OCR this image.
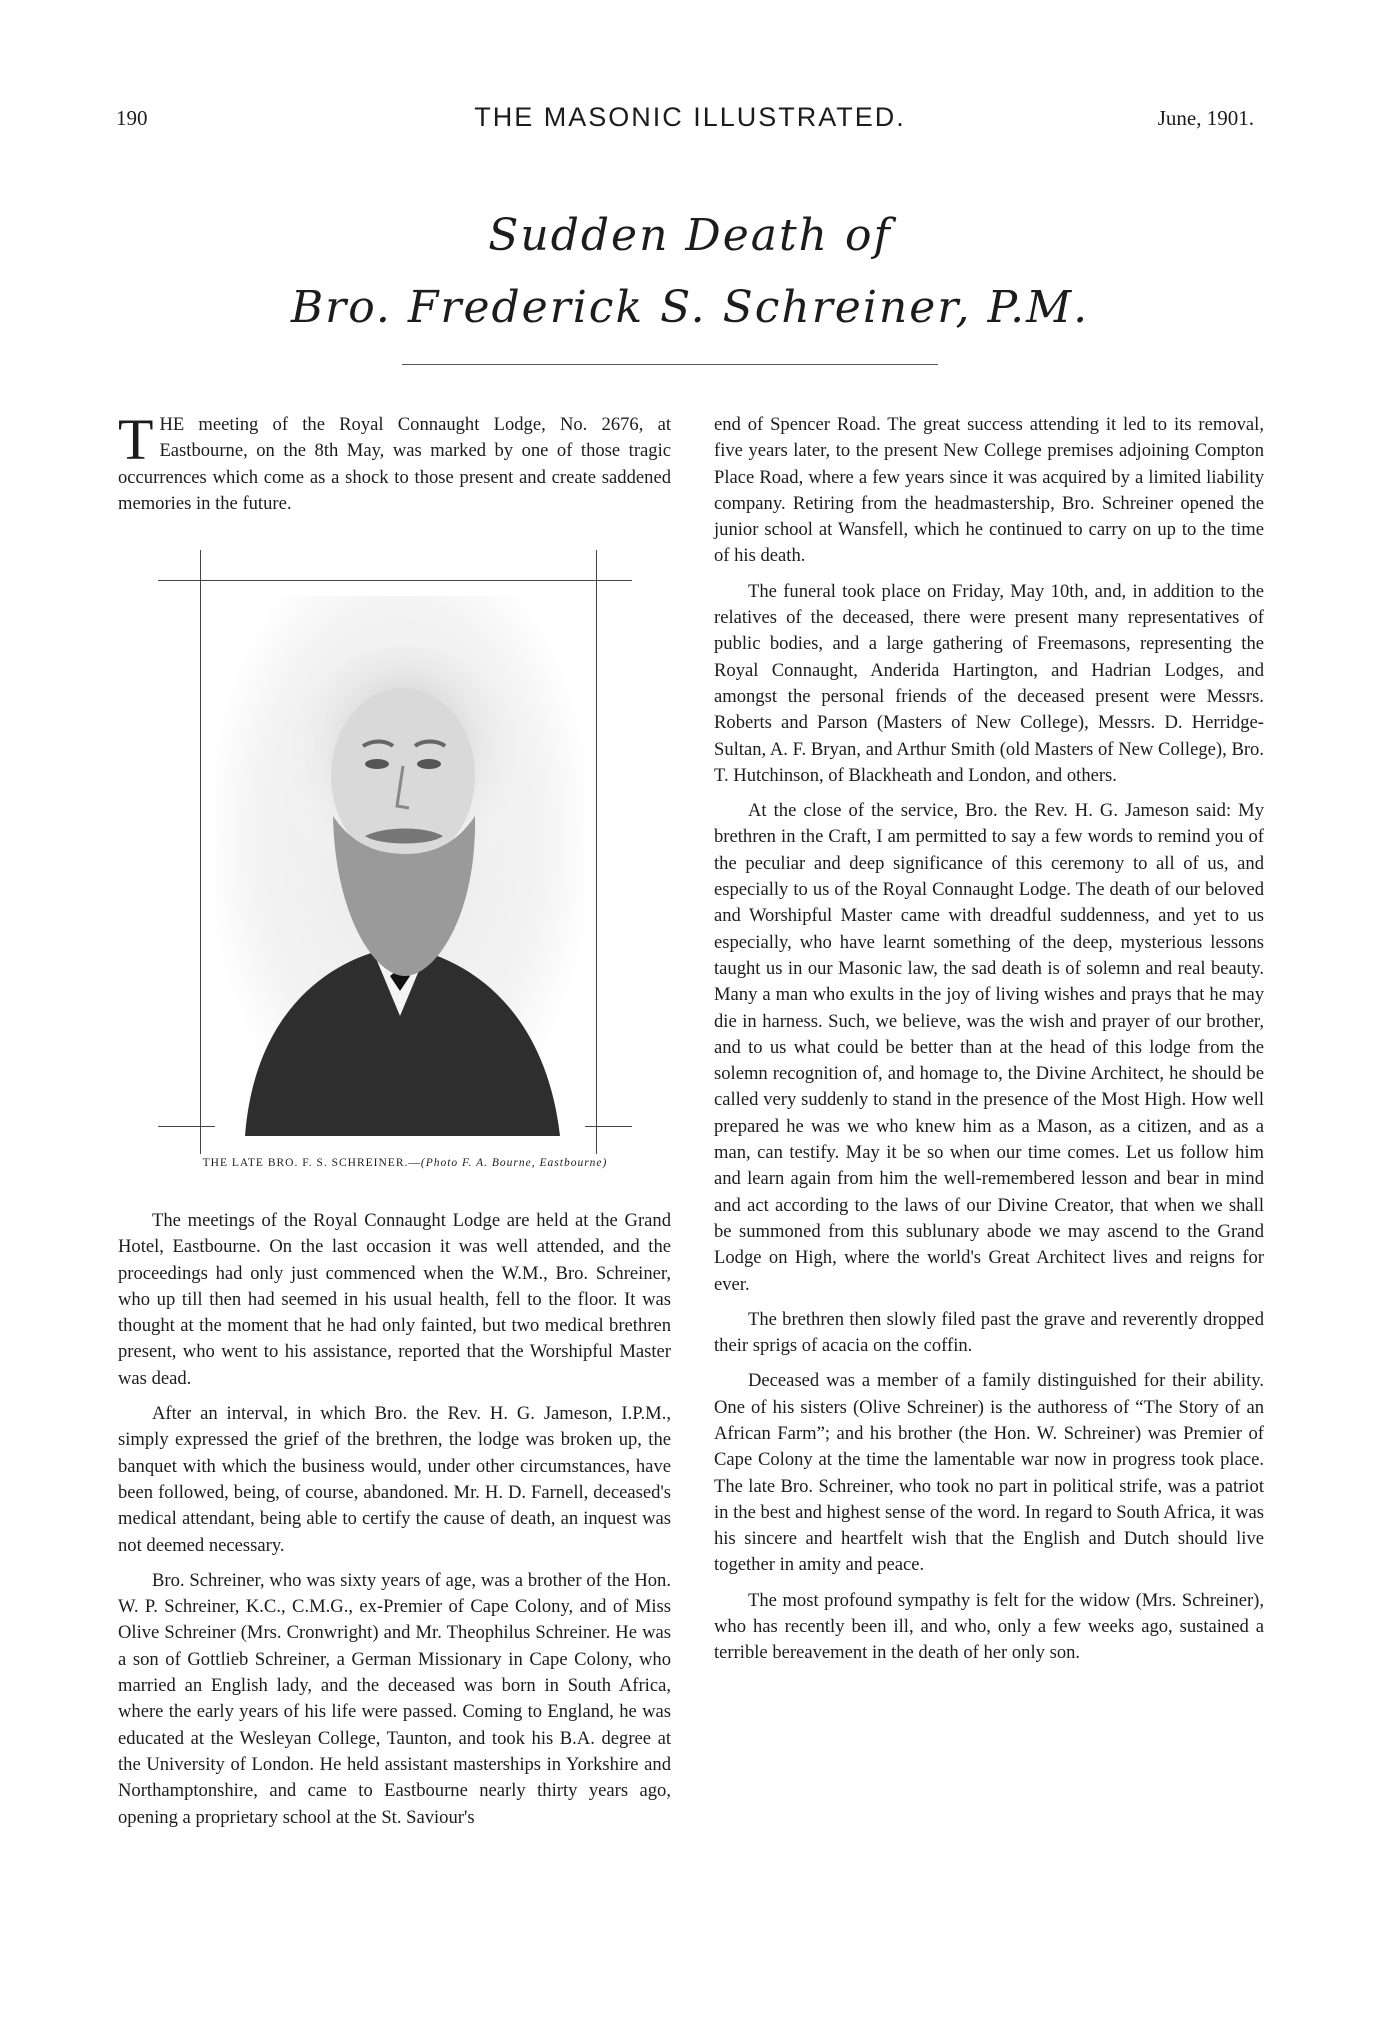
190	THE MASONIC ILLUSTRATED.	June, 1901.
Sudden Death of
Bro. Frederick S. Schreiner, P.M.
THE meeting of the Royal Connaught Lodge, No. 2676, at Eastbourne, on the 8th May, was marked by one of those tragic occurrences which come as a shock to those present and create saddened memories in the future.
THE LATE BRO. F. S. SCHREINER.—(Photo F. A. Bourne, Eastbourne)

The meetings of the Royal Connaught Lodge are held at the Grand Hotel, Eastbourne. On the last occasion it was well attended, and the proceedings had only just commenced when the W.M., Bro. Schreiner, who up till then had seemed in his usual health, fell to the floor. It was thought at the moment that he had only fainted, but two medical brethren present, who went to his assistance, reported that the Worshipful Master was dead.

After an interval, in which Bro. the Rev. H. G. Jameson, I.P.M., simply expressed the grief of the brethren, the lodge was broken up, the banquet with which the business would, under other circumstances, have been followed, being, of course, abandoned. Mr. H. D. Farnell, deceased's medical attendant, being able to certify the cause of death, an inquest was not deemed necessary.

Bro. Schreiner, who was sixty years of age, was a brother of the Hon. W. P. Schreiner, K.C., C.M.G., ex-Premier of Cape Colony, and of Miss Olive Schreiner (Mrs. Cronwright) and Mr. Theophilus Schreiner. He was a son of Gottlieb Schreiner, a German Missionary in Cape Colony, who married an English lady, and the deceased was born in South Africa, where the early years of his life were passed. Coming to England, he was educated at the Wesleyan College, Taunton, and took his B.A. degree at the University of London. He held assistant masterships in Yorkshire and Northamptonshire, and came to Eastbourne nearly thirty years ago, opening a proprietary school at the St. Saviour's

end of Spencer Road. The great success attending it led to its removal, five years later, to the present New College premises adjoining Compton Place Road, where a few years since it was acquired by a limited liability company. Retiring from the headmastership, Bro. Schreiner opened the junior school at Wansfell, which he continued to carry on up to the time of his death.

The funeral took place on Friday, May 10th, and, in addition to the relatives of the deceased, there were present many representatives of public bodies, and a large gathering of Freemasons, representing the Royal Connaught, Anderida Hartington, and Hadrian Lodges, and amongst the personal friends of the deceased present were Messrs. Roberts and Parson (Masters of New College), Messrs. D. Herridge-Sultan, A. F. Bryan, and Arthur Smith (old Masters of New College), Bro. T. Hutchinson, of Blackheath and London, and others.

At the close of the service, Bro. the Rev. H. G. Jameson said: My brethren in the Craft, I am permitted to say a few words to remind you of the peculiar and deep significance of this ceremony to all of us, and especially to us of the Royal Connaught Lodge. The death of our beloved and Worshipful Master came with dreadful suddenness, and yet to us especially, who have learnt something of the deep, mysterious lessons taught us in our Masonic law, the sad death is of solemn and real beauty. Many a man who exults in the joy of living wishes and prays that he may die in harness. Such, we believe, was the wish and prayer of our brother, and to us what could be better than at the head of this lodge from the solemn recognition of, and homage to, the Divine Architect, he should be called very suddenly to stand in the presence of the Most High. How well prepared he was we who knew him as a Mason, as a citizen, and as a man, can testify. May it be so when our time comes. Let us follow him and learn again from him the well-remembered lesson and bear in mind and act according to the laws of our Divine Creator, that when we shall be summoned from this sublunary abode we may ascend to the Grand Lodge on High, where the world's Great Architect lives and reigns for ever.

The brethren then slowly filed past the grave and reverently dropped their sprigs of acacia on the coffin.

Deceased was a member of a family distinguished for their ability. One of his sisters (Olive Schreiner) is the authoress of “The Story of an African Farm”; and his brother (the Hon. W. Schreiner) was Premier of Cape Colony at the time the lamentable war now in progress took place. The late Bro. Schreiner, who took no part in political strife, was a patriot in the best and highest sense of the word. In regard to South Africa, it was his sincere and heartfelt wish that the English and Dutch should live together in amity and peace.

The most profound sympathy is felt for the widow (Mrs. Schreiner), who has recently been ill, and who, only a few weeks ago, sustained a terrible bereavement in the death of her only son.
